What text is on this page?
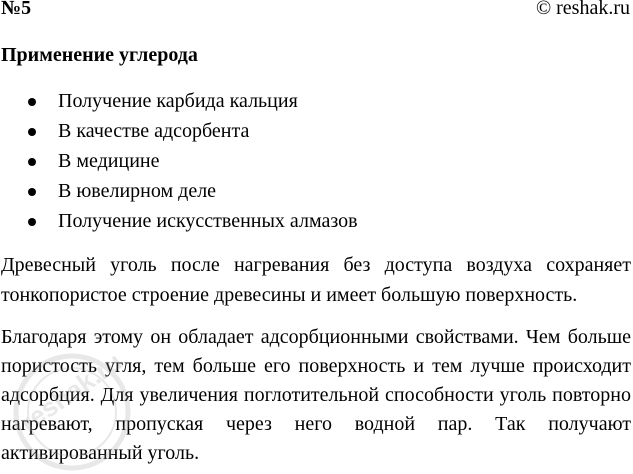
№5	© reshak.ru
Применение углерода
Получение карбида кальция
В качестве адсорбента
В медицине
В ювелирном деле
Получение искусственных алмазов

Древесный уголь после нагревания без доступа воздуха сохраняет тонкопористое строение древесины и имеет большую поверхность.

Благодаря этому он обладает адсорбционными свойствами. Чем больше пористость угля, тем больше его поверхность и тем лучше происходит адсорбция. Для увеличения поглотительной способности уголь повторно нагревают, пропуская через него водной пар. Так получают активированный уголь.

reshak.ru
